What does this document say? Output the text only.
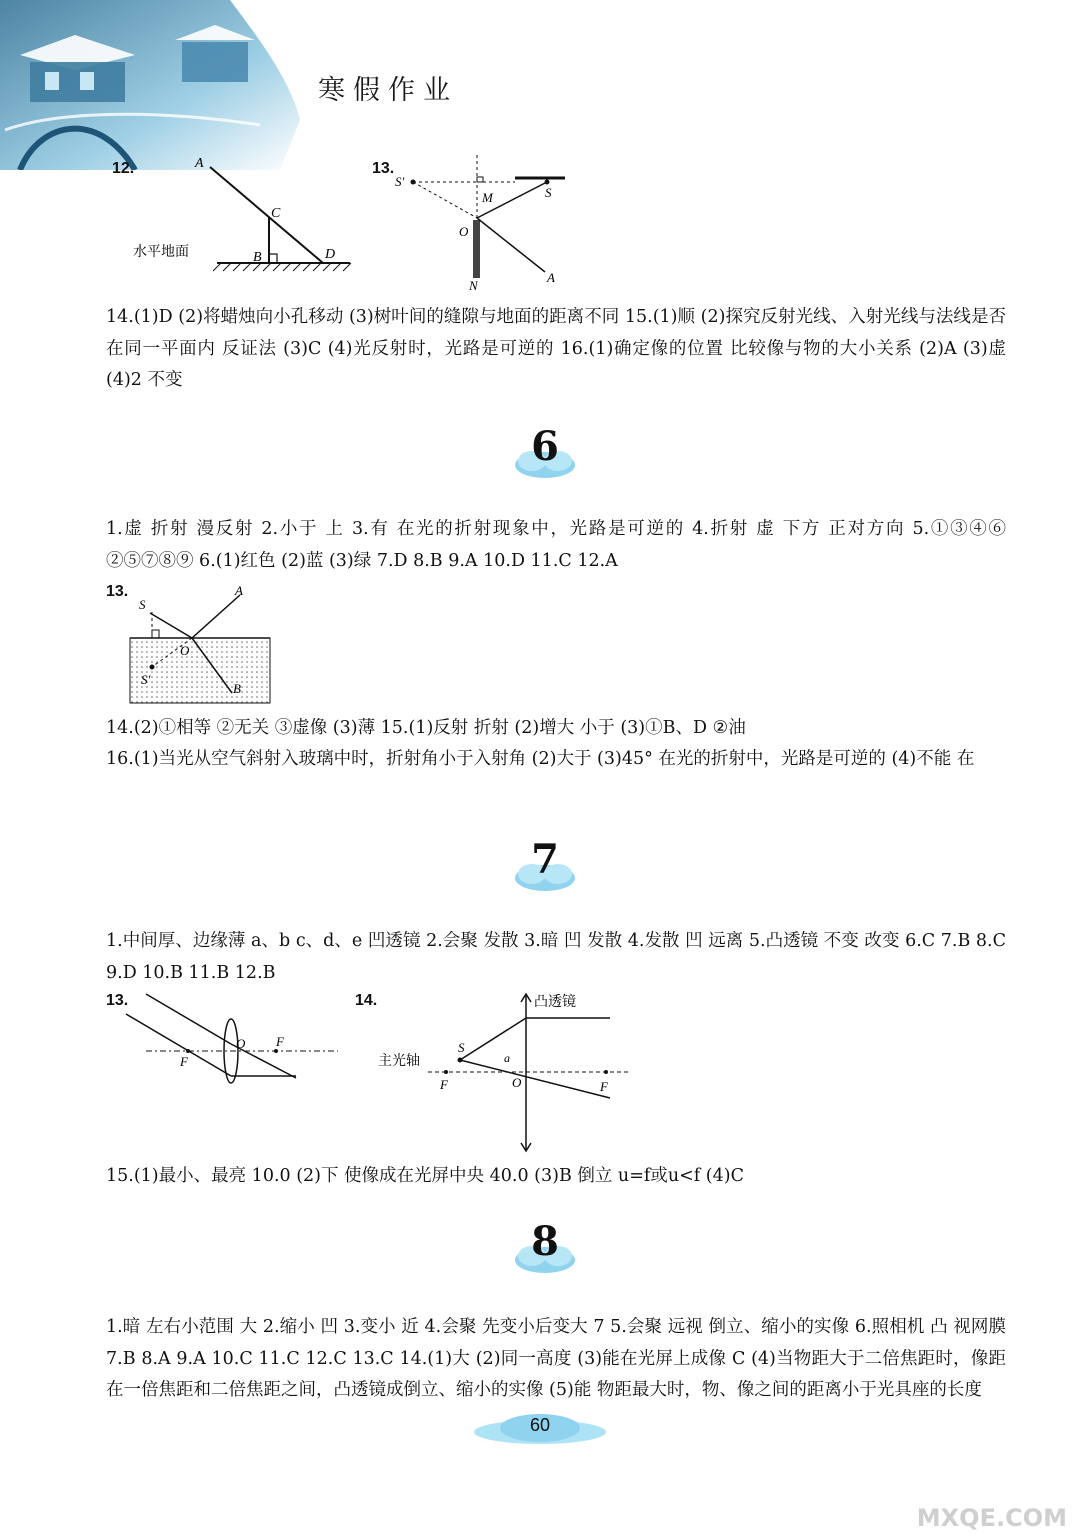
寒假作业
12.	A
C
B	D
水平地面
13.
S′
S
M
O
N
A
14.(1)D (2)将蜡烛向小孔移动 (3)树叶间的缝隙与地面的距离不同 15.(1)顺 (2)探究反射光线、入射光线与法线是否在同一平面内 反证法 (3)C (4)光反射时，光路是可逆的 16.(1)确定像的位置 比较像与物的大小关系 (2)A (3)虚 (4)2 不变
6
1.虚 折射 漫反射 2.小于 上 3.有 在光的折射现象中，光路是可逆的 4.折射 虚 下方 正对方向 5.①③④⑥ ②⑤⑦⑧⑨ 6.(1)红色 (2)蓝 (3)绿 7.D 8.B 9.A 10.D 11.C 12.A
13.
S
A
O
S′
B
14.(2)①相等 ②无关 ③虚像 (3)薄 15.(1)反射 折射 (2)增大 小于 (3)①B、D ②油
16.(1)当光从空气斜射入玻璃中时，折射角小于入射角 (2)大于 (3)45° 在光的折射中，光路是可逆的 (4)不能 在
7
1.中间厚、边缘薄 a、b c、d、e 凹透镜 2.会聚 发散 3.暗 凹 发散 4.发散 凹 远离 5.凸透镜 不变 改变 6.C 7.B 8.C 9.D 10.B 11.B 12.B
13.
O F
F
14.	凸透镜
主光轴
S
a
F	O	F
15.(1)最小、最亮 10.0 (2)下 使像成在光屏中央 40.0 (3)B 倒立 u=f或u<f (4)C
8
1.暗 左右小范围 大 2.缩小 凹 3.变小 近 4.会聚 先变小后变大 7 5.会聚 远视 倒立、缩小的实像 6.照相机 凸 视网膜 7.B 8.A 9.A 10.C 11.C 12.C 13.C 14.(1)大 (2)同一高度 (3)能在光屏上成像 C (4)当物距大于二倍焦距时，像距在一倍焦距和二倍焦距之间，凸透镜成倒立、缩小的实像 (5)能 物距最大时，物、像之间的距离小于光具座的长度
60
MXQE.COM
